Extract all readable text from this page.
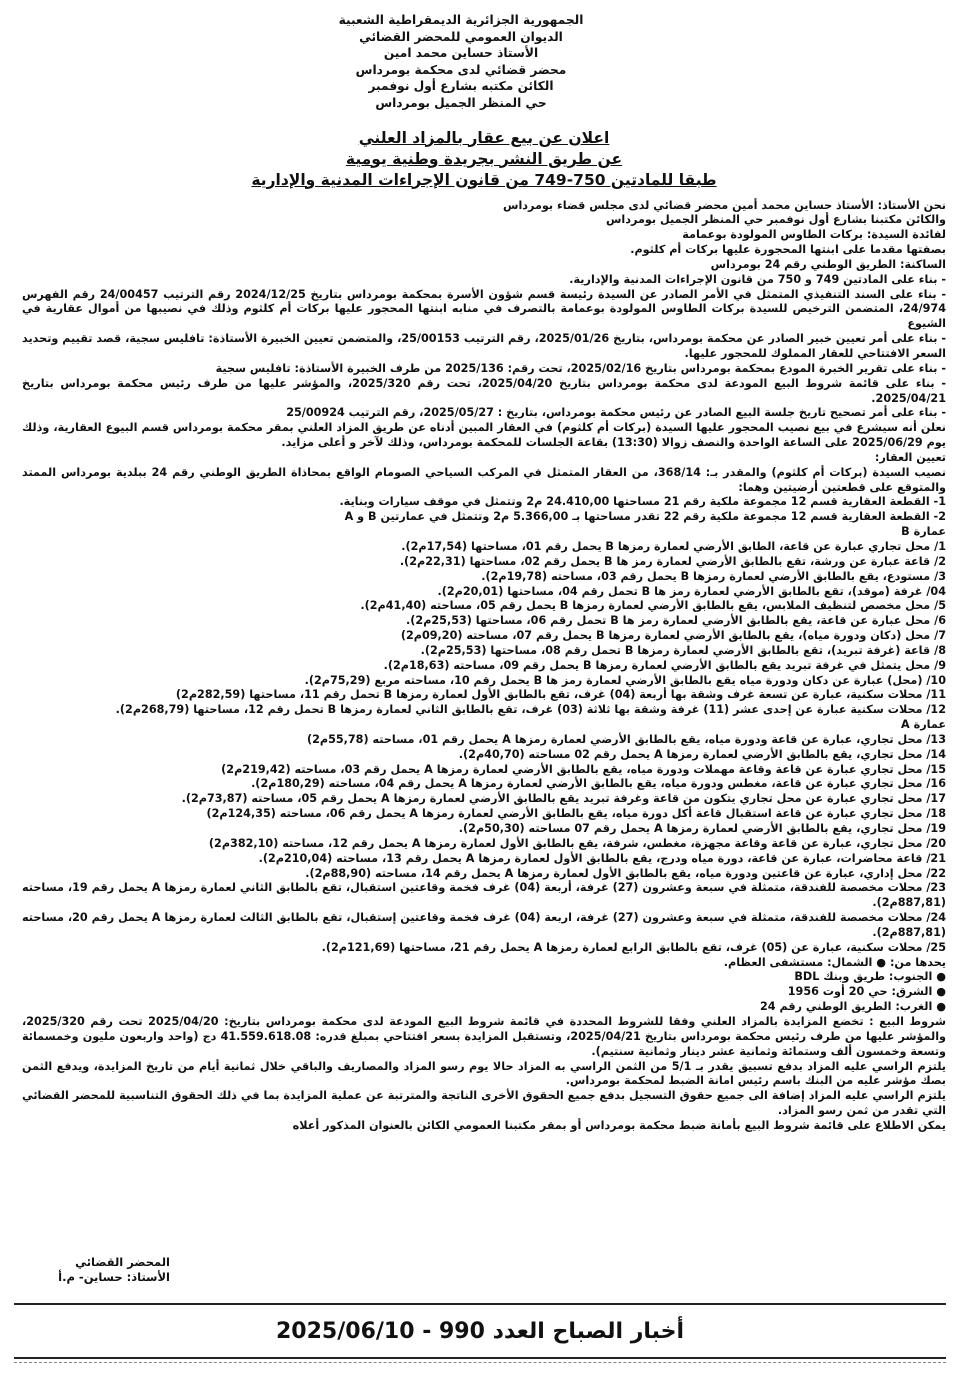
الجمهورية الجزائرية الديمقراطية الشعبية
الديوان العمومي للمحضر القضائي
الأستاذ حساين محمد امين
محضر قضائي لدى محكمة بومرداس
الكائن مكتبه بشارع أول نوفمبر
حي المنظر الجميل بومرداس
اعلان عن بيع عقار بالمزاد العلني
عن طريق النشر بجريدة وطنية يومية
طبقا للمادتين 750-749 من قانون الإجراءات المدنية والإدارية

نحن الأستاذ: الأستاذ حساين محمد أمين محضر قضائي لدى مجلس قضاء بومرداس

والكائن مكتبنا بشارع أول نوفمبر حي المنظر الجميل بومرداس

لفائدة السيدة: بركات الطاوس المولودة بوعمامة

بصفتها مقدما على ابنتها المحجورة عليها بركات أم كلثوم.

الساكنة: الطريق الوطني رقم 24 بومرداس

- بناء على المادتين 749 و 750 من قانون الإجراءات المدنية والإدارية.

- بناء على السند التنفيذي المتمثل في الأمر الصادر عن السيدة رئيسة قسم شؤون الأسرة بمحكمة بومرداس بتاريخ 2024/12/25 رقم الترتيب 24/00457 رقم الفهرس 24/974، المتضمن الترخيص للسيدة بركات الطاوس المولودة بوعمامة بالتصرف في منابه ابنتها المحجور عليها بركات أم كلثوم وذلك في نصيبها من أموال عقارية في الشيوع

- بناء على أمر تعيين خبير الصادر عن محكمة بومرداس، بتاريخ 2025/01/26، رقم الترتيب 25/00153، والمتضمن تعيين الخبيرة الأستاذة: تافليس سجية، قصد تقييم وتحديد السعر الافتتاحي للعقار المملوك للمحجور عليها.

- بناء على تقرير الخبرة المودع بمحكمة بومرداس بتاريخ 2025/02/16، تحت رقم: 2025/136 من طرف الخبيرة الأستاذة: تافليس سجية

- بناء على قائمة شروط البيع المودعة لدى محكمة بومرداس بتاريخ 2025/04/20، تحت رقم 2025/320، والمؤشر عليها من طرف رئيس محكمة بومرداس بتاريخ 2025/04/21.

- بناء على أمر تصحيح تاريخ جلسة البيع الصادر عن رئيس محكمة بومرداس، بتاريخ : 2025/05/27، رقم الترتيب 25/00924

نعلن أنه سيشرع في بيع نصيب المحجور عليها السيدة (بركات أم كلثوم) في العقار المبين أدناه عن طريق المزاد العلني بمقر محكمة بومرداس قسم البيوع العقارية، وذلك يوم 2025/06/29 على الساعة الواحدة والنصف زوالا (13:30) بقاعة الجلسات للمحكمة بومرداس، وذلك لآخر و أعلى مزايد.

تعيين العقار:

نصيب السيدة (بركات أم كلثوم) والمقدر بـ: 368/14، من العقار المتمثل في المركب السياحي الصومام الواقع بمحاذاة الطريق الوطني رقم 24 ببلدية بومرداس الممتد والمتوقع على قطعتين أرضيتين وهما:

1- القطعة العقارية قسم 12 مجموعة ملكية رقم 21 مساحتها 24.410,00 م2 وتتمثل في موقف سيارات وبناية.

2- القطعة العقارية قسم 12 مجموعة ملكية رقم 22 تقدر مساحتها بـ 5.366,00 م2 وتتمثل في عمارتين B و A

عمارة B

1/ محل تجاري عبارة عن قاعة، الطابق الأرضي لعمارة رمزها B يحمل رقم 01، مساحتها (17,54م2).

2/ قاعة عبارة عن ورشة، تقع بالطابق الأرضي لعمارة رمز ها B يحمل رقم 02، مساحتها (22,31م2).

3/ مستودع، يقع بالطابق الأرضي لعمارة رمزها B يحمل رقم 03، مساحته (19,78م2).

04/ غرفة (موقد)، تقع بالطابق الأرضي لعمارة رمز ها B تحمل رقم 04، مساحتها (20,01م2).

5/ محل مخصص لتنظيف الملابس، يقع بالطابق الأرضي لعمارة رمزها B يحمل رقم 05، مساحته (41,40م2).

6/ محل عبارة عن قاعة، يقع بالطابق الأرضي لعمارة رمز ها B تحمل رقم 06، مساحتها (25,53م2).

7/ محل (دكان ودورة مياه)، يقع بالطابق الأرضي لعمارة رمزها B يحمل رقم 07، مساحته (09,20م2)

8/ قاعة (غرفة تبريد)، تقع بالطابق الأرضي لعمارة رمزها B تحمل رقم 08، مساحتها (25,53م2).

9/ محل يتمثل في غرفة تبريد يقع بالطابق الأرضي لعمارة رمزها B يحمل رقم 09، مساحته (18,63م2).

10/ (محل) عبارة عن دكان ودورة مياه يقع بالطابق الأرضي لعمارة رمز ها B يحمل رقم 10، مساحته مربع (75,29م2).

11/ محلات سكنية، عبارة عن تسعة غرف وشقة بها أربعة (04) غرف، تقع بالطابق الأول لعمارة رمزها B تحمل رقم 11، مساحتها (282,59م2)

12/ محلات سكنية عبارة عن إحدى عشر (11) غرفة وشقة بها ثلاثة (03) غرف، تقع بالطابق الثاني لعمارة رمزها B تحمل رقم 12، مساحتها (268,79م2).

عمارة A

13/ محل تجاري، عبارة عن قاعة ودورة مياه، يقع بالطابق الأرضي لعمارة رمزها A يحمل رقم 01، مساحته (55,78م2)

14/ محل تجاري، يقع بالطابق الأرضي لعمارة رمزها A يحمل رقم 02 مساحته (40,70م2).

15/ محل تجاري عبارة عن قاعة وقاعة مهملات ودورة مياه، يقع بالطابق الأرضي لعمارة رمزها A يحمل رقم 03، مساحته (219,42م2)

16/ محل تجاري عبارة عن قاعة، مغطس ودورة مياه، يقع بالطابق الأرضي لعمارة رمزها A يحمل رقم 04، مساحته (180,29م2).

17/ محل تجاري عبارة عن محل تجاري يتكون من قاعة وغرفة تبريد يقع بالطابق الأرضي لعمارة رمزها A يحمل رقم 05، مساحته (73,87م2).

18/ محل تجاري عبارة عن قاعة استقبال قاعة أكل دورة مياه، يقع بالطابق الأرضي لعمارة رمزها A يحمل رقم 06، مساحته (124,35م2)

19/ محل تجاري، يقع بالطابق الأرضي لعمارة رمزها A يحمل رقم 07 مساحته (50,30م2).

20/ محل تجاري، عبارة عن قاعة وقاعة مجهزة، مغطس، شرفة، يقع بالطابق الأول لعمارة رمزها A يحمل رقم 12، مساحته (382,10م2)

21/ قاعة محاضرات، عبارة عن قاعة، دورة مياه ودرج، يقع بالطابق الأول لعمارة رمزها A يحمل رقم 13، مساحته (210,04م2).

22/ محل إداري، عبارة عن قاعتين ودورة مياه، يقع بالطابق الأول لعمارة رمزها A يحمل رقم 14، مساحته (88,90م2).

23/ محلات مخصصة للفندقة، متمثلة في سبعة وعشرون (27) غرفة، أربعة (04) غرف فخمة وقاعتين استقبال، تقع بالطابق الثاني لعمارة رمزها A يحمل رقم 19، مساحته (887,81م2).

24/ محلات مخصصة للفندقة، متمثلة في سبعة وعشرون (27) غرفة، اربعة (04) غرف فخمة وقاعتين إستقبال، تقع بالطابق الثالث لعمارة رمزها A يحمل رقم 20، مساحته (887,81م2).

25/ محلات سكنية، عبارة عن (05) غرف، تقع بالطابق الرابع لعمارة رمزها A يحمل رقم 21، مساحتها (121,69م2).

يحدها من: ● الشمال: مستشفى العظام.

● الجنوب: طريق وبنك BDL

● الشرق: حي 20 أوت 1956

● الغرب: الطريق الوطني رقم 24

شروط البيع : تخضع المزايدة بالمزاد العلني وفقا للشروط المحددة في قائمة شروط البيع المودعة لدى محكمة بومرداس بتاريخ: 2025/04/20 تحت رقم 2025/320، والمؤشر عليها من طرف رئيس محكمة بومرداس بتاريخ 2025/04/21، وتستقبل المزايدة بسعر افتتاحي بمبلغ قدره: 41.559.618.08 دج (واحد واربعون مليون وخمسمائة وتسعة وخمسون ألف وستمائة وثمانية عشر دينار وثمانية سنتيم).

يلتزم الراسي عليه المزاد بدفع تسبيق يقدر بـ 5/1 من الثمن الراسي به المزاد حالا يوم رسو المزاد والمصاريف والباقي خلال ثمانية أيام من تاريخ المزايدة، ويدفع الثمن بصك مؤشر عليه من البنك باسم رئيس امانة الضبط لمحكمة بومرداس.

يلتزم الراسي عليه المزاد إضافة الى جميع حقوق التسجيل بدفع جميع الحقوق الأخرى الناتجة والمترتبة عن عملية المزايدة بما في ذلك الحقوق التناسبية للمحضر القضائي التي تقدر من ثمن رسو المزاد.

يمكن الاطلاع على قائمة شروط البيع بأمانة ضبط محكمة بومرداس أو بمقر مكتبنا العمومي الكائن بالعنوان المذكور أعلاه

المحضر القضائي
الأستاذ: حساين- م.أ
أخبار الصباح العدد 990 - 2025/06/10
